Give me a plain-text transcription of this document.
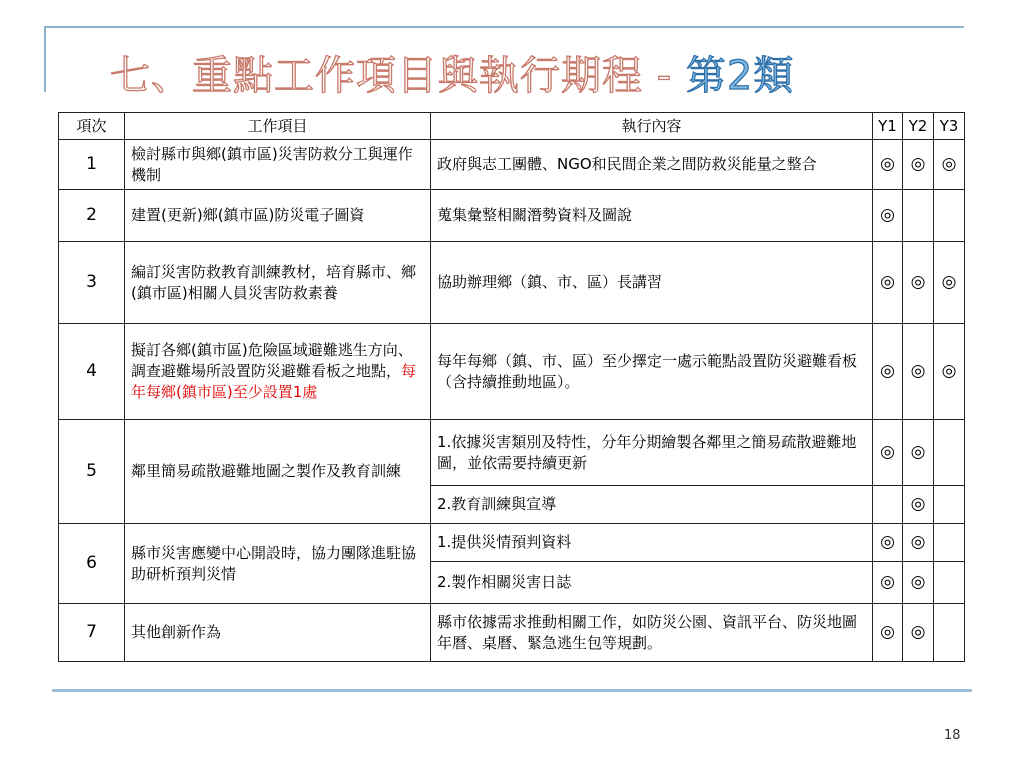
七、重點工作項目與執行期程 - 第2類
項次	工作項目	執行內容	Y1	Y2	Y3
1	檢討縣市與鄉(鎮市區)災害防救分工與運作機制	政府與志工團體、NGO和民間企業之間防救災能量之整合	◎	◎	◎
2	建置(更新)鄉(鎮市區)防災電子圖資	蒐集彙整相關潛勢資料及圖說	◎		
3	編訂災害防救教育訓練教材，培育縣市、鄉(鎮市區)相關人員災害防救素養	協助辦理鄉（鎮、市、區）長講習	◎	◎	◎
4	擬訂各鄉(鎮市區)危險區域避難逃生方向、調查避難場所設置防災避難看板之地點，每年每鄉(鎮市區)至少設置1處	每年每鄉（鎮、市、區）至少擇定一處示範點設置防災避難看板（含持續推動地區）。	◎	◎	◎
5	鄰里簡易疏散避難地圖之製作及教育訓練	1.依據災害類別及特性，分年分期繪製各鄰里之簡易疏散避難地圖，並依需要持續更新	◎	◎	
		2.教育訓練與宣導		◎	
6	縣市災害應變中心開設時，協力團隊進駐協助研析預判災情	1.提供災情預判資料	◎	◎	
		2.製作相關災害日誌	◎	◎	
7	其他創新作為	縣市依據需求推動相關工作，如防災公園、資訊平台、防災地圖年曆、桌曆、緊急逃生包等規劃。	◎	◎	
18
